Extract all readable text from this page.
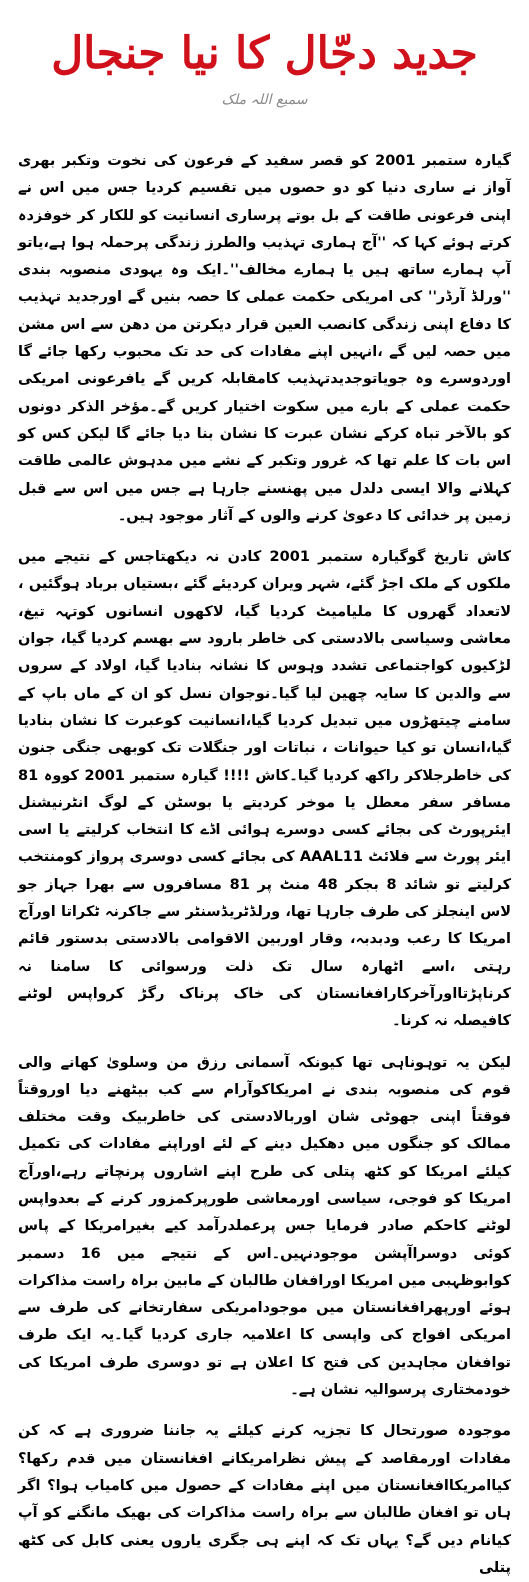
جدید دجّال کا نیا جنجال
سمیع اللہ ملک

گیارہ ستمبر 2001 کو قصر سفید کے فرعون کی نخوت وتکبر بھری آواز نے ساری دنیا کو دو حصوں میں تقسیم کردیا جس میں اس نے اپنی فرعونی طاقت کے بل بوتے پرساری انسانیت کو للکار کر خوفزدہ کرتے ہوئے کہا کہ ''آج ہماری تہذیب والطرز زندگی پرحملہ ہوا ہے،یاتو آپ ہمارے ساتھ ہیں یا ہمارے مخالف''۔ایک وہ یہودی منصوبہ بندی ''ورلڈ آرڈر'' کی امریکی حکمت عملی کا حصہ بنیں گے اورجدید تہذیب کا دفاع اپنی زندگی کانصب العین قرار دیکرتن من دھن سے اس مشن میں حصہ لیں گے ،انہیں اپنے مفادات کی حد تک محبوب رکھا جائے گا اوردوسرے وہ جویاتوجدیدتہذیب کامقابلہ کریں گے یافرعونی امریکی حکمت عملی کے بارے میں سکوت اختیار کریں گے۔مؤخر الذکر دونوں کو بالآخر تباہ کرکے نشان عبرت کا نشان بنا دیا جائے گا لیکن کس کو اس بات کا علم تھا کہ غرور وتکبر کے نشے میں مدہوش عالمی طاقت کہلانے والا ایسی دلدل میں پھنسنے جارہا ہے جس میں اس سے قبل زمین پر خدائی کا دعویٰ کرنے والوں کے آثار موجود ہیں۔

کاش تاریخ گوگیارہ ستمبر 2001 کادن نہ دیکھتاجس کے نتیجے میں ملکوں کے ملک اجڑ گئے، شہر ویران کردیئے گئے ،بستیاں برباد ہوگئیں ، لاتعداد گھروں کا ملیامیٹ کردیا گیا، لاکھوں انسانوں کوتہہ تیغ، معاشی وسیاسی بالادستی کی خاطر بارود سے بھسم کردیا گیا، جوان لڑکیوں کواجتماعی تشدد وہوس کا نشانہ بنادیا گیا، اولاد کے سروں سے والدین کا سایہ چھین لیا گیا۔نوجوان نسل کو ان کے ماں باپ کے سامنے چیتھڑوں میں تبدیل کردیا گیا،انسانیت کوعبرت کا نشان بنادیا گیا،انسان تو کیا حیوانات ، نباتات اور جنگلات تک کوبھی جنگی جنون کی خاطرجلاکر راکھ کردیا گیا۔کاش !!!! گیارہ ستمبر 2001 کووہ 81 مسافر سفر معطل یا موخر کردیتے یا بوسٹن کے لوگ انٹرنیشنل ایئرپورٹ کی بجائے کسی دوسرے ہوائی اڈے کا انتخاب کرلیتے یا اسی ایئر پورٹ سے فلائٹ AAAL11 کی بجائے کسی دوسری پرواز کومنتخب کرلیتے تو شائد 8 بجکر 48 منٹ پر 81 مسافروں سے بھرا جہاز جو لاس اینجلز کی طرف جارہا تھا، ورلڈٹریڈسنٹر سے جاکرنہ ٹکراتا اورآج امریکا کا رعب ودبدبہ، وقار اوربین الاقوامی بالادستی بدستور قائم رہتی ،اسے اٹھارہ سال تک ذلت ورسوائی کا سامنا نہ کرناپڑتااورآخرکارافغانستان کی خاک پرناک رگڑ کرواپس لوٹنے کافیصلہ نہ کرنا۔

لیکن یہ توہوناہی تھا کیونکہ آسمانی رزق من وسلویٰ کھانے والی قوم کی منصوبہ بندی نے امریکاکوآرام سے کب بیٹھنے دیا اوروقتاً فوقتاً اپنی جھوٹی شان اوربالادستی کی خاطربیک وقت مختلف ممالک کو جنگوں میں دھکیل دینے کے لئے اوراپنے مفادات کی تکمیل کیلئے امریکا کو کٹھ پتلی کی طرح اپنے اشاروں پرنچاتے رہے،اورآج امریکا کو فوجی، سیاسی اورمعاشی طورپرکمزور کرنے کے بعدواپس لوٹنے کاحکم صادر فرمایا جس پرعملدرآمد کیے بغیرامریکا کے پاس کوئی دوسراآپشن موجودنہیں۔اس کے نتیجے میں 16 دسمبر کوابوظہبی میں امریکا اورافغان طالبان کے مابین براہ راست مذاکرات ہوئے اورپھرافغانستان میں موجودامریکی سفارتخانے کی طرف سے امریکی افواج کی واپسی کا اعلامیہ جاری کردیا گیا۔یہ ایک طرف توافغان مجاہدین کی فتح کا اعلان ہے تو دوسری طرف امریکا کی خودمختاری پرسوالیہ نشان ہے۔

موجودہ صورتحال کا تجزیہ کرنے کیلئے یہ جاننا ضروری ہے کہ کن مفادات اورمقاصد کے پیش نظرامریکانے افغانستان میں قدم رکھا؟ کیاامریکاافغانستان میں اپنے مفادات کے حصول میں کامیاب ہوا؟ اگر ہاں تو افغان طالبان سے براہ راست مذاکرات کی بھیک مانگنے کو آپ کیانام دیں گے؟ یہاں تک کہ اپنے ہی جگری یاروں یعنی کابل کی کٹھ پتلی
